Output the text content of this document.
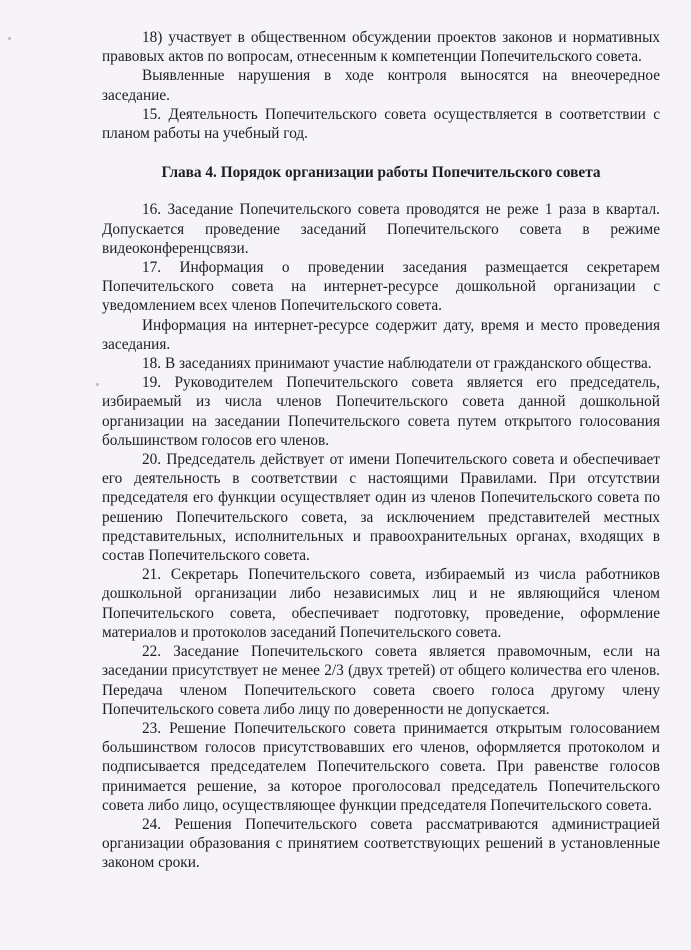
18) участвует в общественном обсуждении проектов законов и нормативных правовых актов по вопросам, отнесенным к компетенции Попечительского совета.

Выявленные нарушения в ходе контроля выносятся на внеочередное заседание.

15. Деятельность Попечительского совета осуществляется в соответствии с планом работы на учебный год.

Глава 4. Порядок организации работы Попечительского совета

16. Заседание Попечительского совета проводятся не реже 1 раза в квартал. Допускается проведение заседаний Попечительского совета в режиме видеоконференцсвязи.

17. Информация о проведении заседания размещается секретарем Попечительского совета на интернет-ресурсе дошкольной организации с уведомлением всех членов Попечительского совета.

Информация на интернет-ресурсе содержит дату, время и место проведения заседания.

18. В заседаниях принимают участие наблюдатели от гражданского общества.

19. Руководителем Попечительского совета является его председатель, избираемый из числа членов Попечительского совета данной дошкольной организации на заседании Попечительского совета путем открытого голосования большинством голосов его членов.

20. Председатель действует от имени Попечительского совета и обеспечивает его деятельность в соответствии с настоящими Правилами. При отсутствии председателя его функции осуществляет один из членов Попечительского совета по решению Попечительского совета, за исключением представителей местных представительных, исполнительных и правоохранительных органах, входящих в состав Попечительского совета.

21. Секретарь Попечительского совета, избираемый из числа работников дошкольной организации либо независимых лиц и не являющийся членом Попечительского совета, обеспечивает подготовку, проведение, оформление материалов и протоколов заседаний Попечительского совета.

22. Заседание Попечительского совета является правомочным, если на заседании присутствует не менее 2/3 (двух третей) от общего количества его членов. Передача членом Попечительского совета своего голоса другому члену Попечительского совета либо лицу по доверенности не допускается.

23. Решение Попечительского совета принимается открытым голосованием большинством голосов присутствовавших его членов, оформляется протоколом и подписывается председателем Попечительского совета. При равенстве голосов принимается решение, за которое проголосовал председатель Попечительского совета либо лицо, осуществляющее функции председателя Попечительского совета.

24. Решения Попечительского совета рассматриваются администрацией организации образования с принятием соответствующих решений в установленные законом сроки.
